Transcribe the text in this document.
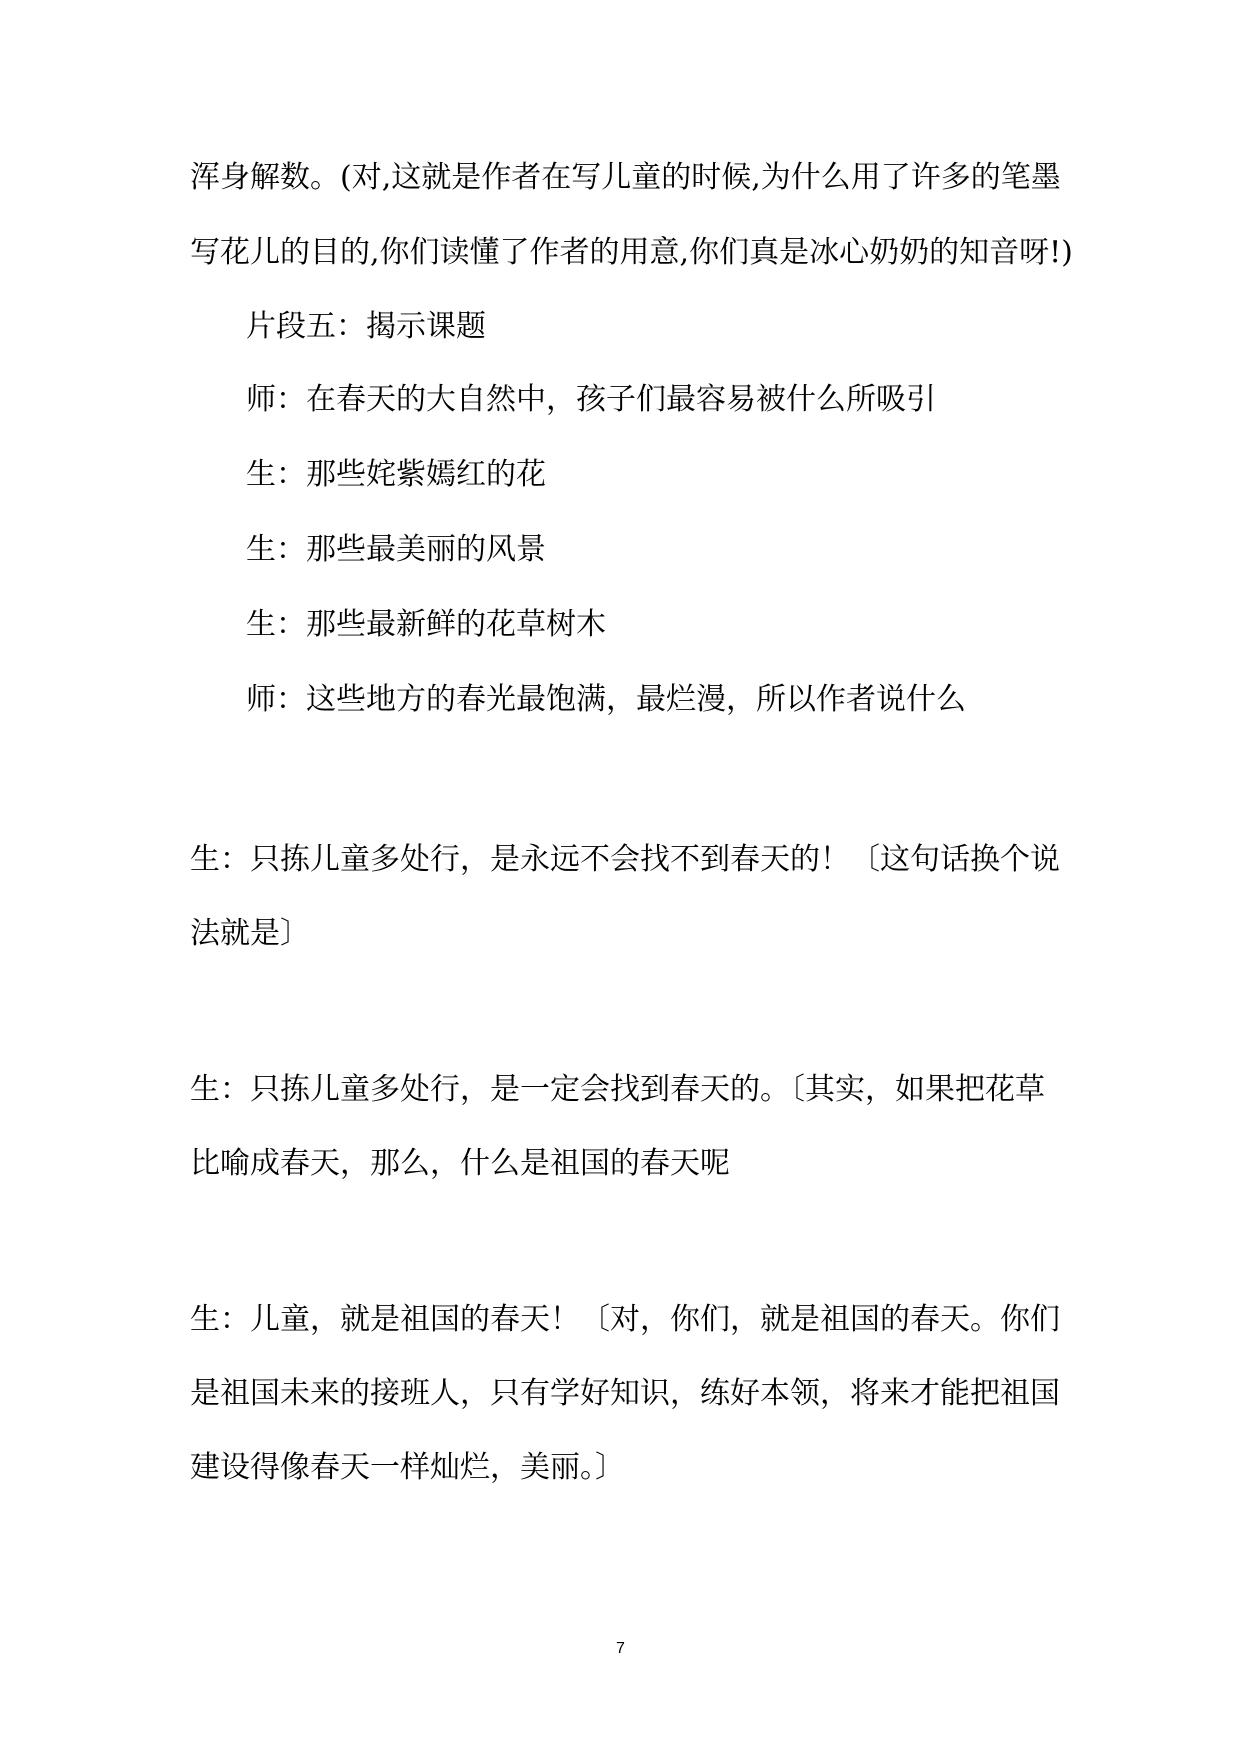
浑身解数。(对,这就是作者在写儿童的时候,为什么用了许多的笔墨
写花儿的目的,你们读懂了作者的用意,你们真是冰心奶奶的知音呀!)
片段五：揭示课题
师：在春天的大自然中，孩子们最容易被什么所吸引
生：那些姹紫嫣红的花
生：那些最美丽的风景
生：那些最新鲜的花草树木
师：这些地方的春光最饱满，最烂漫，所以作者说什么
生：只拣儿童多处行，是永远不会找不到春天的！〔这句话换个说
法就是〕
生：只拣儿童多处行，是一定会找到春天的。〔其实，如果把花草
比喻成春天，那么，什么是祖国的春天呢
生：儿童，就是祖国的春天！〔对，你们，就是祖国的春天。你们
是祖国未来的接班人，只有学好知识，练好本领，将来才能把祖国
建设得像春天一样灿烂，美丽。〕
7
